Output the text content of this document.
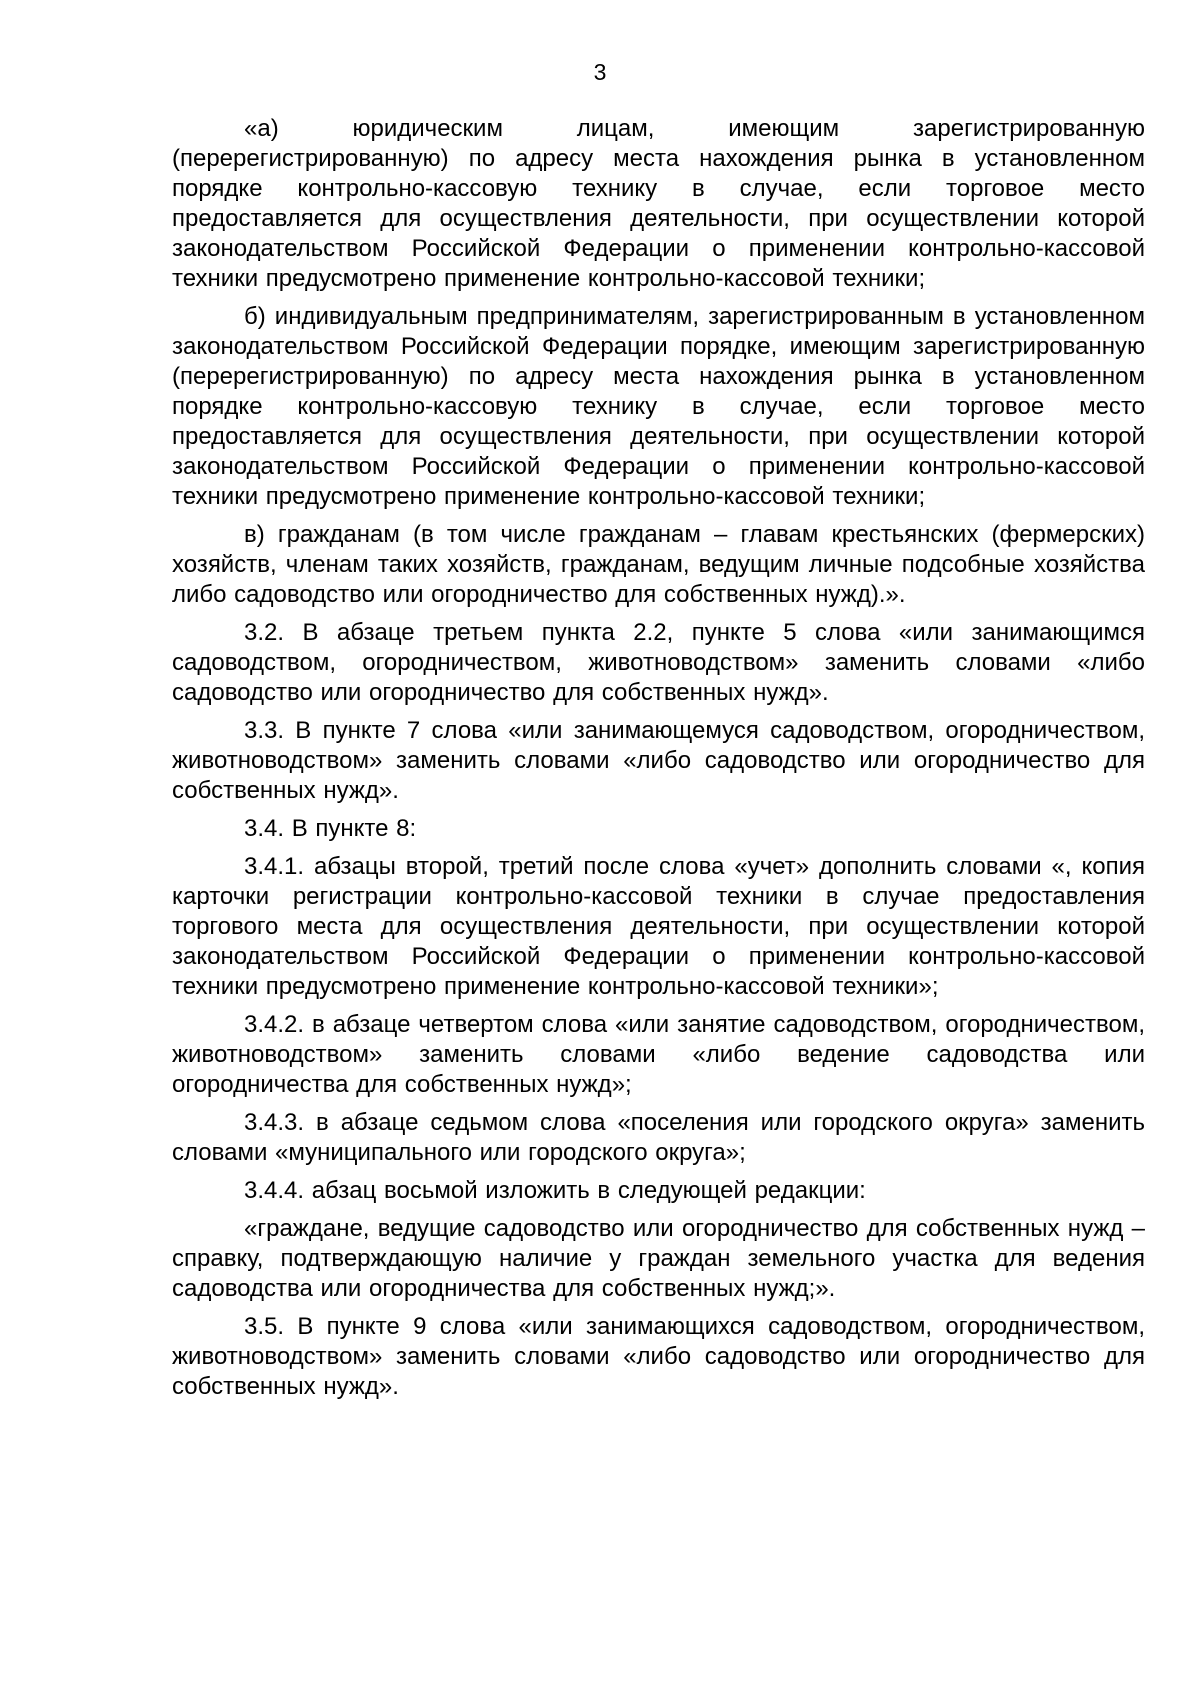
3

«а) юридическим лицам, имеющим зарегистрированную (перерегистрированную) по адресу места нахождения рынка в установленном порядке контрольно-кассовую технику в случае, если торговое место предоставляется для осуществления деятельности, при осуществлении которой законодательством Российской Федерации о применении контрольно-кассовой техники предусмотрено применение контрольно-кассовой техники;

б) индивидуальным предпринимателям, зарегистрированным в установленном законодательством Российской Федерации порядке, имеющим зарегистрированную (перерегистрированную) по адресу места нахождения рынка в установленном порядке контрольно-кассовую технику в случае, если торговое место предоставляется для осуществления деятельности, при осуществлении которой законодательством Российской Федерации о применении контрольно-кассовой техники предусмотрено применение контрольно-кассовой техники;

в) гражданам (в том числе гражданам – главам крестьянских (фермерских) хозяйств, членам таких хозяйств, гражданам, ведущим личные подсобные хозяйства либо садоводство или огородничество для собственных нужд).».

3.2. В абзаце третьем пункта 2.2, пункте 5 слова «или занимающимся садоводством, огородничеством, животноводством» заменить словами «либо садоводство или огородничество для собственных нужд».

3.3. В пункте 7 слова «или занимающемуся садоводством, огородничеством, животноводством» заменить словами «либо садоводство или огородничество для собственных нужд».

3.4. В пункте 8:

3.4.1. абзацы второй, третий после слова «учет» дополнить словами «, копия карточки регистрации контрольно-кассовой техники в случае предоставления торгового места для осуществления деятельности, при осуществлении которой законодательством Российской Федерации о применении контрольно-кассовой техники предусмотрено применение контрольно-кассовой техники»;

3.4.2. в абзаце четвертом слова «или занятие садоводством, огородничеством, животноводством» заменить словами «либо ведение садоводства или огородничества для собственных нужд»;

3.4.3. в абзаце седьмом слова «поселения или городского округа» заменить словами «муниципального или городского округа»;

3.4.4. абзац восьмой изложить в следующей редакции:

«граждане, ведущие садоводство или огородничество для собственных нужд – справку, подтверждающую наличие у граждан земельного участка для ведения садоводства или огородничества для собственных нужд;».

3.5. В пункте 9 слова «или занимающихся садоводством, огородничеством, животноводством» заменить словами «либо садоводство или огородничество для собственных нужд».
